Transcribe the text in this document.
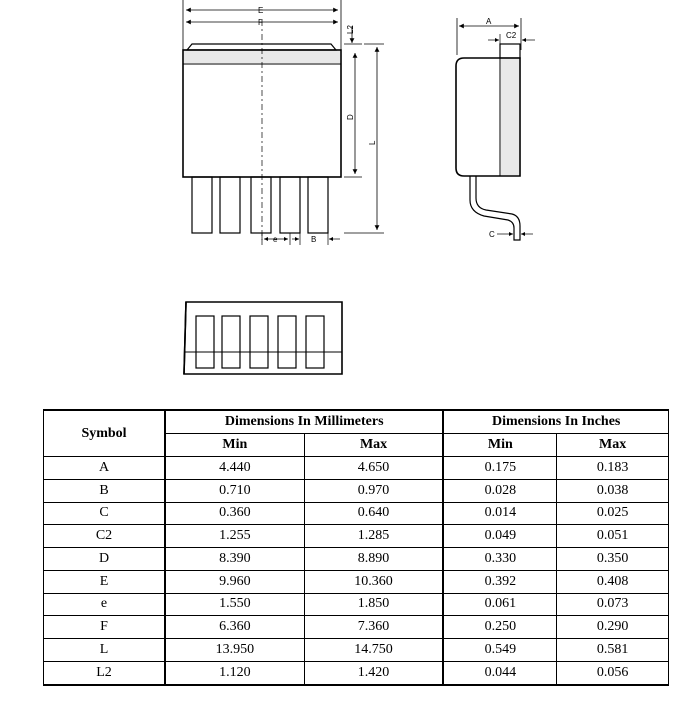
E
F
L2
D
L
e	B
A
C2
C
Symbol	Dimensions In Millimeters		Dimensions In Inches	
	Min	Max	Min	Max
A	4.440	4.650	0.175	0.183
B	0.710	0.970	0.028	0.038
C	0.360	0.640	0.014	0.025
C2	1.255	1.285	0.049	0.051
D	8.390	8.890	0.330	0.350
E	9.960	10.360	0.392	0.408
e	1.550	1.850	0.061	0.073
F	6.360	7.360	0.250	0.290
L	13.950	14.750	0.549	0.581
L2	1.120	1.420	0.044	0.056
